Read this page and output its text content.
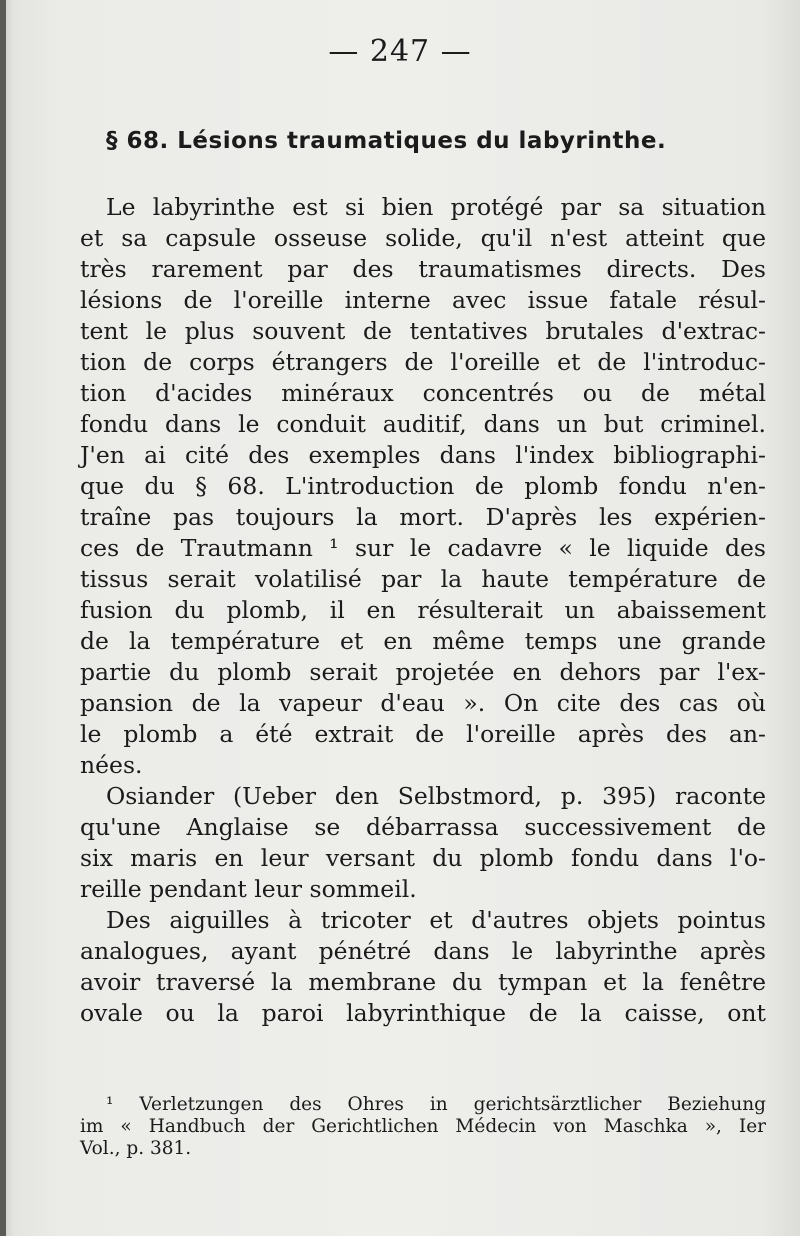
— 247 —
§ 68. Lésions traumatiques du labyrinthe.
Le labyrinthe est si bien protégé par sa situation
et sa capsule osseuse solide, qu'il n'est atteint que
très rarement par des traumatismes directs. Des
lésions de l'oreille interne avec issue fatale résul-
tent le plus souvent de tentatives brutales d'extrac-
tion de corps étrangers de l'oreille et de l'introduc-
tion d'acides minéraux concentrés ou de métal
fondu dans le conduit auditif, dans un but criminel.
J'en ai cité des exemples dans l'index bibliographi-
que du § 68. L'introduction de plomb fondu n'en-
traîne pas toujours la mort. D'après les expérien-
ces de Trautmann ¹ sur le cadavre « le liquide des
tissus serait volatilisé par la haute température de
fusion du plomb, il en résulterait un abaissement
de la température et en même temps une grande
partie du plomb serait projetée en dehors par l'ex-
pansion de la vapeur d'eau ». On cite des cas où
le plomb a été extrait de l'oreille après des an-
nées.
Osiander (Ueber den Selbstmord, p. 395) raconte
qu'une Anglaise se débarrassa successivement de
six maris en leur versant du plomb fondu dans l'o-
reille pendant leur sommeil.
Des aiguilles à tricoter et d'autres objets pointus
analogues, ayant pénétré dans le labyrinthe après
avoir traversé la membrane du tympan et la fenêtre
ovale ou la paroi labyrinthique de la caisse, ont
¹ Verletzungen des Ohres in gerichtsärztlicher Beziehung
im « Handbuch der Gerichtlichen Médecin von Maschka », Ier
Vol., p. 381.
